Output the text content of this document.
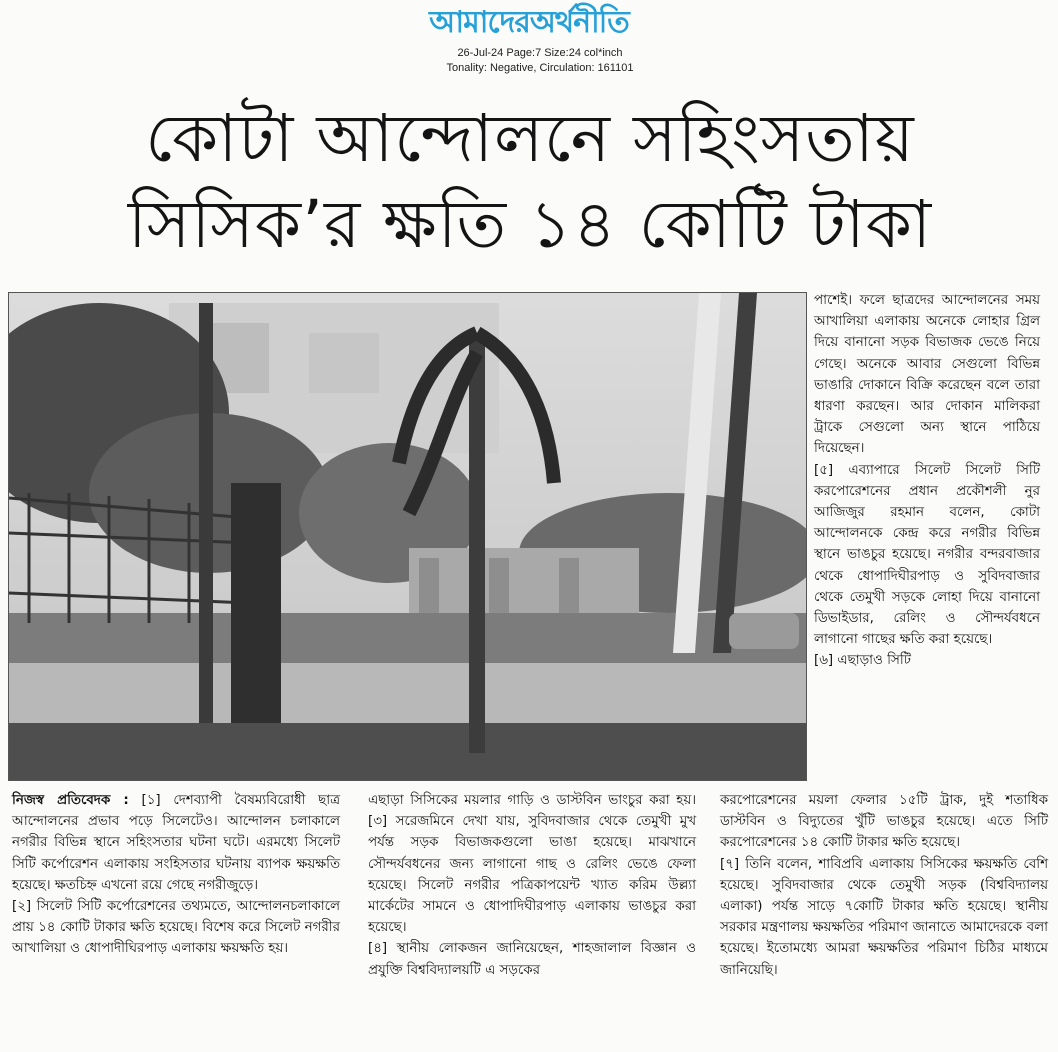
আমাদেরঅর্থনীতি
26-Jul-24 Page:7 Size:24 col*inch
Tonality: Negative, Circulation: 161101
কোটা আন্দোলনে সহিংসতায়
সিসিক’র ক্ষতি ১৪ কোটি টাকা

পাশেই। ফলে ছাত্রদের আন্দোলনের সময় আখালিয়া এলাকায় অনেকে লোহার গ্রিল দিয়ে বানানো সড়ক বিভাজক ভেঙে নিয়ে গেছে। অনেকে আবার সেগুলো বিভিন্ন ভাঙারি দোকানে বিক্রি করেছেন বলে তারা ধারণা করছেন। আর দোকান মালিকরা ট্রাকে সেগুলো অন্য স্থানে পাঠিয়ে দিয়েছেন।

[৫] এব্যাপারে সিলেট সিলেট সিটি করপোরেশনের প্রধান প্রকৌশলী নুর আজিজুর রহমান বলেন, কোটা আন্দোলনকে কেন্দ্র করে নগরীর বিভিন্ন স্থানে ভাঙচুর হয়েছে। নগরীর বন্দরবাজার থেকে ধোপাদিঘীরপাড় ও সুবিদবাজার থেকে তেমুখী সড়কে লোহা দিয়ে বানানো ডিভাইডার, রেলিং ও সৌন্দর্যবধনে লাগানো গাছের ক্ষতি করা হয়েছে।

[৬] এছাড়াও সিটি

নিজস্ব প্রতিবেদক : [১] দেশব্যাপী বৈষম্যবিরোধী ছাত্র আন্দোলনের প্রভাব পড়ে সিলেটেও। আন্দোলন চলাকালে নগরীর বিভিন্ন স্থানে সহিংসতার ঘটনা ঘটে। এরমধ্যে সিলেট সিটি কর্পোরেশন এলাকায় সংহিসতার ঘটনায় ব্যাপক ক্ষয়ক্ষতি হয়েছে। ক্ষতচিহ্ন এখনো রয়ে গেছে নগরীজুড়ে।

[২] সিলেট সিটি কর্পোরেশনের তথ্যমতে, আন্দোলনচলাকালে প্রায় ১৪ কোটি টাকার ক্ষতি হয়েছে। বিশেষ করে সিলেট নগরীর আখালিয়া ও ধোপাদীঘিরপাড় এলাকায় ক্ষয়ক্ষতি হয়।

এছাড়া সিসিকের ময়লার গাড়ি ও ডাস্টবিন ভাংচুর করা হয়। [৩] সরেজমিনে দেখা যায়, সুবিদবাজার থেকে তেমুখী মুখ পর্যন্ত সড়ক বিভাজকগুলো ভাঙা হয়েছে। মাঝখানে সৌন্দর্যবধনের জন্য লাগানো গাছ ও রেলিং ভেঙে ফেলা হয়েছে। সিলেট নগরীর পত্রিকাপয়েন্ট খ্যাত করিম উল্ল্যা মার্কেটের সামনে ও ধোপাদিঘীরপাড় এলাকায় ভাঙচুর করা হয়েছে।

[৪] স্থানীয় লোকজন জানিয়েছেন, শাহজালাল বিজ্ঞান ও প্রযুক্তি বিশ্ববিদ্যালয়টি এ সড়কের

করপোরেশনের ময়লা ফেলার ১৫টি ট্রাক, দুই শতাধিক ডাস্টবিন ও বিদ্যুতের খুঁটি ভাঙচুর হয়েছে। এতে সিটি করপোরেশনের ১৪ কোটি টাকার ক্ষতি হয়েছে।

[৭] তিনি বলেন, শাবিপ্রবি এলাকায় সিসিকের ক্ষয়ক্ষতি বেশি হয়েছে। সুবিদবাজার থেকে তেমুখী সড়ক (বিশ্ববিদ্যালয় এলাকা) পর্যন্ত সাড়ে ৭কোটি টাকার ক্ষতি হয়েছে। স্থানীয় সরকার মন্ত্রণালয় ক্ষয়ক্ষতির পরিমাণ জানাতে আমাদেরকে বলা হয়েছে। ইতোমধ্যে আমরা ক্ষয়ক্ষতির পরিমাণ চিঠির মাধ্যমে জানিয়েছি।
